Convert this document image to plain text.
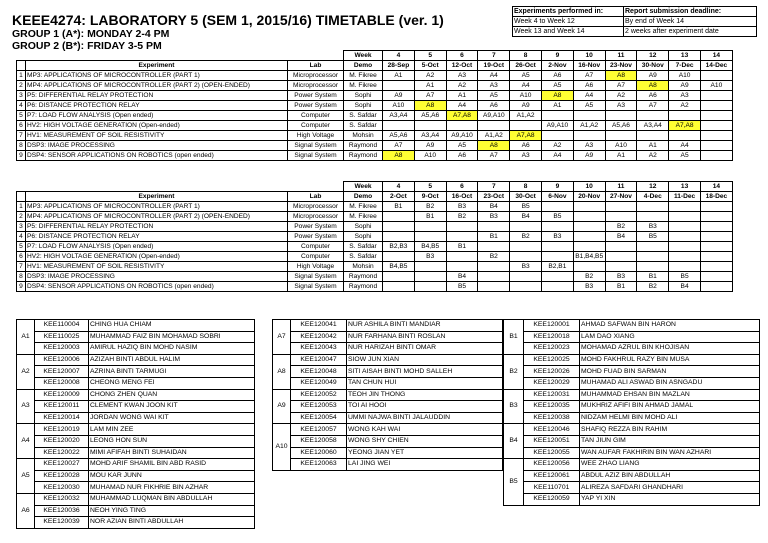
KEEE4274: LABORATORY 5 (SEM 1, 2015/16) TIMETABLE (ver. 1)
GROUP 1 (A*): MONDAY 2-4 PM
GROUP 2 (B*): FRIDAY 3-5 PM
Experiments performed in:	Report submission deadline:
Week 4 to Week 12	By end of Week 14
Week 13 and Week 14	2 weeks after experiment date
			Week	4	5	6	7	8	9	10	11	12	13	14
	Experiment	Lab	Demo	28-Sep	5-Oct	12-Oct	19-Oct	26-Oct	2-Nov	16-Nov	23-Nov	30-Nov	7-Dec	14-Dec
1	MP3: APPLICATIONS OF MICROCONTROLLER (PART 1)	Microprocessor	M. Fikree	A1	A2	A3	A4	A5	A6	A7	A8	A9	A10	
2	MP4: APPLICATIONS OF MICROCONTROLLER (PART 2) (OPEN-ENDED)	Microprocessor	M. Fikree		A1	A2	A3	A4	A5	A6	A7	A8	A9	A10
3	P5: DIFFERENTIAL RELAY PROTECTION	Power System	Sophi	A9	A7	A1	A5	A10	A8	A4	A2	A6	A3	
4	P6: DISTANCE PROTECTION RELAY	Power System	Sophi	A10	A8	A4	A6	A9	A1	A5	A3	A7	A2	
5	P7: LOAD FLOW ANALYSIS (Open ended)	Computer	S. Safdar	A3,A4	A5,A6	A7,A8	A9,A10	A1,A2						
6	HV2: HIGH VOLTAGE GENERATION (Open-ended)	Computer	S. Safdar						A9,A10	A1,A2	A5,A6	A3,A4	A7,A8	
7	HV1: MEASUREMENT OF SOIL RESISTIVITY	High Voltage	Mohsin	A5,A6	A3,A4	A9,A10	A1,A2	A7,A8						
8	DSP3: IMAGE PROCESSING	Signal System	Raymond	A7	A9	A5	A8	A6	A2	A3	A10	A1	A4	
9	DSP4: SENSOR APPLICATIONS ON ROBOTICS (open ended)	Signal System	Raymond	A8	A10	A6	A7	A3	A4	A9	A1	A2	A5	
			Week	4	5	6	7	8	9	10	11	12	13	14
	Experiment	Lab	Demo	2-Oct	9-Oct	16-Oct	23-Oct	30-Oct	6-Nov	20-Nov	27-Nov	4-Dec	11-Dec	18-Dec
1	MP3: APPLICATIONS OF MICROCONTROLLER (PART 1)	Microprocessor	M. Fikree	B1	B2	B3	B4	B5						
2	MP4: APPLICATIONS OF MICROCONTROLLER (PART 2) (OPEN-ENDED)	Microprocessor	M. Fikree		B1	B2	B3	B4	B5					
3	P5: DIFFERENTIAL RELAY PROTECTION	Power System	Sophi								B2	B3		
4	P6: DISTANCE PROTECTION RELAY	Power System	Sophi				B1	B2	B3		B4	B5		
5	P7: LOAD FLOW ANALYSIS (Open ended)	Computer	S. Safdar	B2,B3	B4,B5	B1								
6	HV2: HIGH VOLTAGE GENERATION (Open-ended)	Computer	S. Safdar		B3		B2			B1,B4,B5				
7	HV1: MEASUREMENT OF SOIL RESISTIVITY	High Voltage	Mohsin	B4,B5				B3	B2,B1					
8	DSP3: IMAGE PROCESSING	Signal System	Raymond			B4				B2	B3	B1	B5	
9	DSP4: SENSOR APPLICATIONS ON ROBOTICS (open ended)	Signal System	Raymond			B5				B3	B1	B2	B4	
A1	KEE110004	CHING HUA CHIAM
	KEE110025	MUHAMMAD FAIZ BIN MOHAMAD SOBRI
	KEE120003	AMIRUL HAZIQ BIN MOHD NASIM
A2	KEE120006	AZIZAH BINTI ABDUL HALIM
	KEE120007	AZRINA BINTI TARMUGI
	KEE120008	CHEONG MENG FEI
A3	KEE120009	CHONG ZHEN QUAN
	KEE120011	CLEMENT KWAN JOON KIT
	KEE120014	JORDAN WONG WAI KIT
A4	KEE120019	LAM MIN ZEE
	KEE120020	LEONG HON SUN
	KEE120022	MIMI AFIFAH BINTI SUHAIDAN
A5	KEE120027	MOHD ARIF SHAMIL BIN ABD RASID
	KEE120028	MOU KAR JUNN
	KEE120030	MUHAMAD NUR FIKHRIE BIN AZHAR
A6	KEE120032	MUHAMMAD LUQMAN BIN ABDULLAH
	KEE120036	NEOH YING TING
	KEE120039	NOR AZIAN BINTI ABDULLAH
A7	KEE120041	NUR ASHILA BINTI MANDIAR
	KEE120042	NUR FARHANA BINTI ROSLAN
	KEE120043	NUR HARIZAH BINTI OMAR
A8	KEE120047	SIOW JUN XIAN
	KEE120048	SITI AISAH BINTI MOHD SALLEH
	KEE120049	TAN CHUN HUI
A9	KEE120052	TEOH JIN THONG
	KEE120053	TOI AI HOOI
	KEE120054	UMMI NAJWA BINTI JALAUDDIN
A10	KEE120057	WONG KAH WAI
	KEE120058	WONG SHY CHIEN
	KEE120060	YEONG JIAN YET
	KEE120063	LAI JING WEI
B1	KEE120001	AHMAD SAFWAN BIN HARON
	KEE120018	LAM DAO XIANG
	KEE120023	MOHAMAD AZRUL BIN KHOJISAN
B2	KEE120025	MOHD FAKHRUL RAZY BIN MUSA
	KEE120026	MOHD FUAD BIN SARMAN
	KEE120029	MUHAMAD ALI ASWAD BIN ASNGADU
B3	KEE120031	MUHAMMAD EHSAN BIN MAZLAN
	KEE120035	MUKHRIZ AFIFI BIN AHMAD JAMAL
	KEE120038	NIDZAM HELMI BIN MOHD ALI
B4	KEE120046	SHAFIQ REZZA BIN RAHIM
	KEE120051	TAN JIUN GIM
	KEE120055	WAN AUFAR FAKHIRIN BIN WAN AZHARI
B5	KEE120056	WEE ZHAO LIANG
	KEE120061	ABDUL AZIZ BIN ABDULLAH
	KEE110701	ALIREZA SAFDARI GHANDHARI
	KEE120059	YAP YI XIN
